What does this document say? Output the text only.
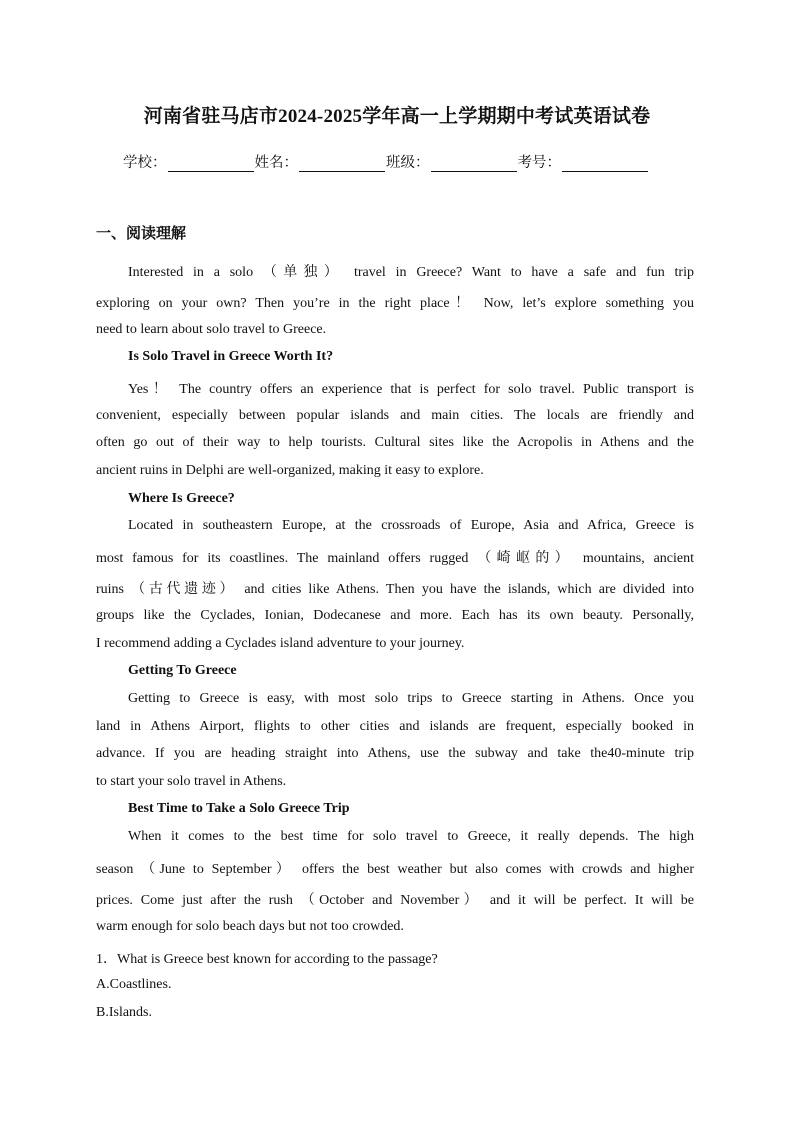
河南省驻马店市2024-2025学年高一上学期期中考试英语试卷
学校：	姓名：	班级：	考号：
一、阅读理解
Interested in a solo （单独） travel in Greece? Want to have a safe and fun trip
exploring on your own? Then you’re in the right place！ Now, let’s explore something you
need to learn about solo travel to Greece.
Is Solo Travel in Greece Worth It?
Yes！ The country offers an experience that is perfect for solo travel. Public transport is
convenient, especially between popular islands and main cities. The locals are friendly and
often go out of their way to help tourists. Cultural sites like the Acropolis in Athens and the
ancient ruins in Delphi are well-organized, making it easy to explore.
Where Is Greece?
Located in southeastern Europe, at the crossroads of Europe, Asia and Africa, Greece is
most famous for its coastlines. The mainland offers rugged （崎岖的） mountains, ancient
ruins （古代遗迹） and cities like Athens. Then you have the islands, which are divided into
groups like the Cyclades, Ionian, Dodecanese and more. Each has its own beauty. Personally,
I recommend adding a Cyclades island adventure to your journey.
Getting To Greece
Getting to Greece is easy, with most solo trips to Greece starting in Athens. Once you
land in Athens Airport, flights to other cities and islands are frequent, especially booked in
advance. If you are heading straight into Athens, use the subway and take the40-minute trip
to start your solo travel in Athens.
Best Time to Take a Solo Greece Trip
When it comes to the best time for solo travel to Greece, it really depends. The high
season （June to September） offers the best weather but also comes with crowds and higher
prices. Come just after the rush （October and November） and it will be perfect. It will be
warm enough for solo beach days but not too crowded.
1．What is Greece best known for according to the passage?
A.Coastlines.
B.Islands.
